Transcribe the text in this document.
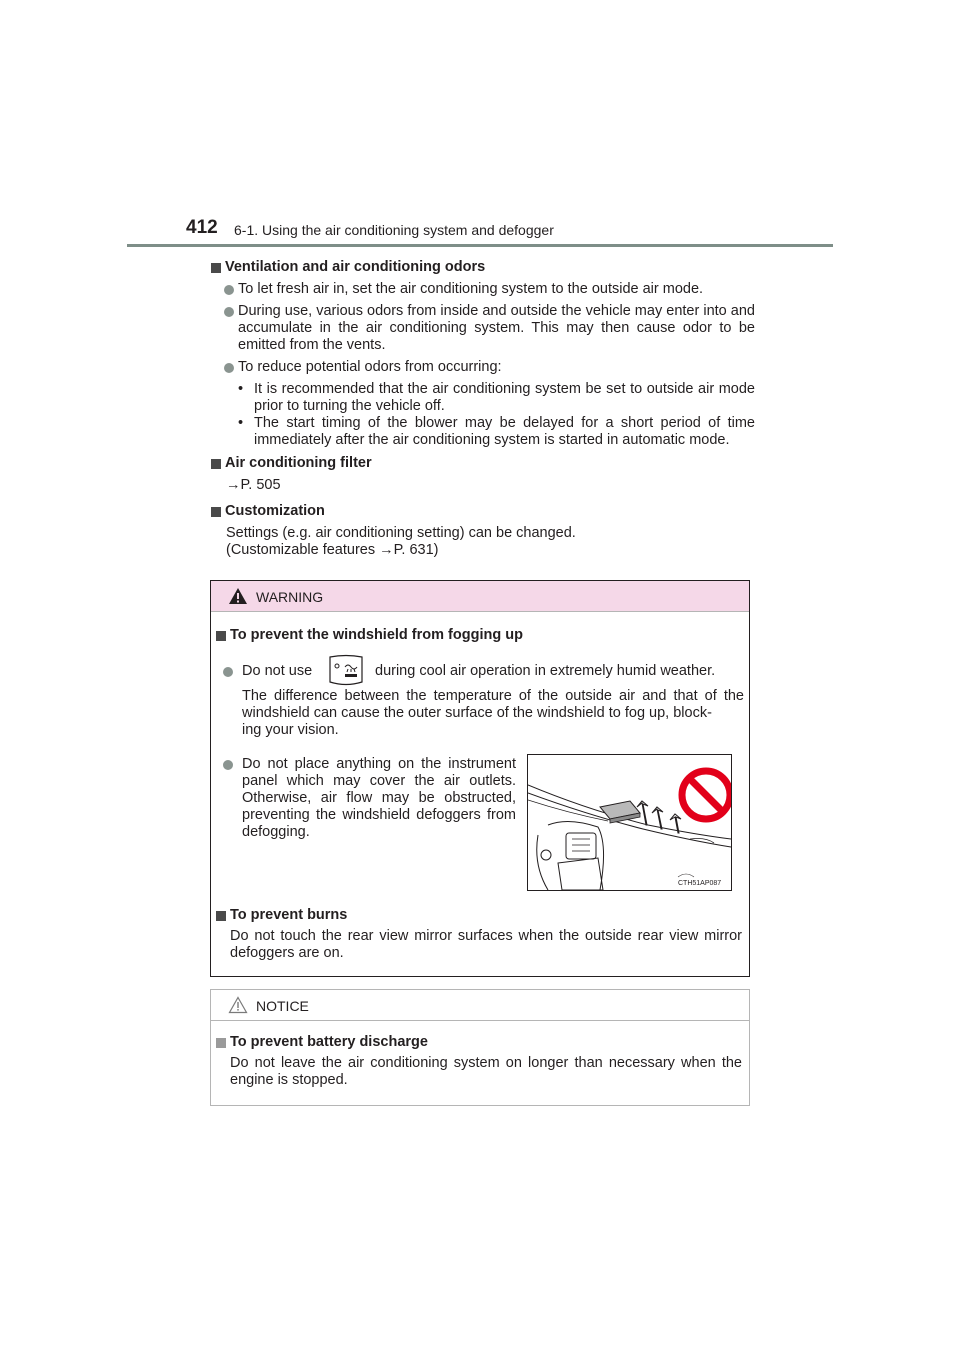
412 6-1. Using the air conditioning system and defogger
Ventilation and air conditioning odors
To let fresh air in, set the air conditioning system to the outside air mode.
During use, various odors from inside and outside the vehicle may enter into and accumulate in the air conditioning system. This may then cause odor to be emitted from the vents.
To reduce potential odors from occurring:
• It is recommended that the air conditioning system be set to outside air mode prior to turning the vehicle off.
• The start timing of the blower may be delayed for a short period of time immediately after the air conditioning system is started in automatic mode.
Air conditioning filter
→P. 505
Customization
Settings (e.g. air conditioning setting) can be changed.
(Customizable features →P. 631)
WARNING
To prevent the windshield from fogging up
Do not use	during cool air operation in extremely humid weather.
The difference between the temperature of the outside air and that of the windshield can cause the outer surface of the windshield to fog up, block-
ing your vision.
Do not place anything on the instrument panel which may cover the air outlets. Otherwise, air flow may be obstructed, preventing the windshield defoggers from defogging.
To prevent burns
Do not touch the rear view mirror surfaces when the outside rear view mirror defoggers are on.
CTH51AP087
NOTICE
To prevent battery discharge
Do not leave the air conditioning system on longer than necessary when the engine is stopped.
